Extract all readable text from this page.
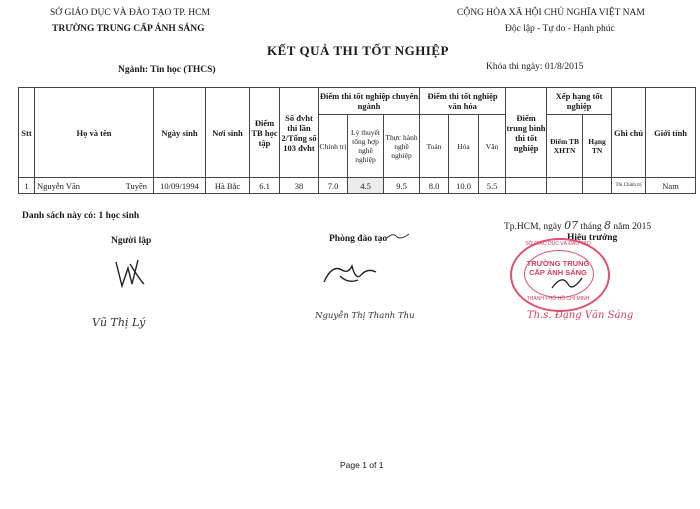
SỞ GIÁO DỤC VÀ ĐÀO TẠO TP. HCM
TRƯỜNG TRUNG CẤP ÁNH SÁNG
CỘNG HÒA XÃ HỘI CHỦ NGHĨA VIỆT NAM
Độc lập - Tự do - Hạnh phúc
KẾT QUẢ THI TỐT NGHIỆP
Ngành: Tin học (THCS)	Khóa thi ngày: 01/8/2015
Stt	Họ và tên	Ngày sinh	Nơi sinh	Điểm TB học tập	Số đvht thi lần 2/Tổng số 103 đvht	Điểm thi tốt nghiệp chuyên ngành			Điểm thi tốt nghiệp văn hóa			Điểm trung bình thi tốt nghiệp	Xếp hạng tốt nghiệp		Ghi chú	Giới tính
						Chính trị	Lý thuyết tổng hợp nghề nghiệp	Thực hành nghề nghiệp	Toán	Hóa	Văn		Điểm TB XHTN	Hạng TN		
1	Nguyễn Văn Tuyền	10/09/1994	Hà Bắc	6.1	38	7.0	4.5	9.5	8.0	10.0	5.5				Thi Chính trị	Nam
Danh sách này có: 1 học sinh
Tp.HCM, ngày 07 tháng 8 năm 2015
Hiệu trưởng
Người lập	Phòng đào tạo
Vũ Thị Lý	Nguyễn Thị Thanh Thu
SỞ GIÁO DỤC VÀ ĐÀO TẠO
TRƯỜNG TRUNG CẤP ÁNH SÁNG
THÀNH PHỐ HỒ CHÍ MINH
Th.s. Đặng Văn Sáng
Page 1 of 1
